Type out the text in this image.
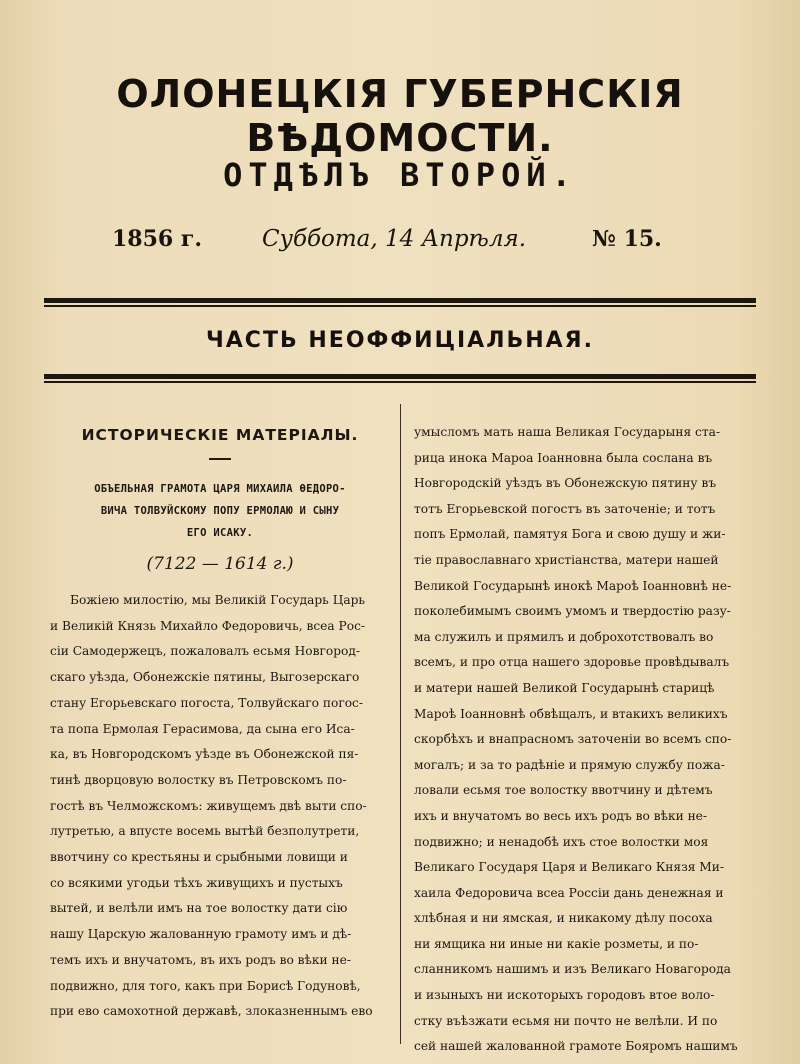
ОЛОНЕЦКІЯ ГУБЕРНСКІЯ ВѢДОМОСТИ.
ОТДѢЛЪ ВТОРОЙ.
1856 г.	Суббота, 14 Апрѣля.	№ 15.
ЧАСТЬ НЕОФФИЦІАЛЬНАЯ.
ИСТОРИЧЕСКІЕ МАТЕРІАЛЫ.
ОБЪЕЛЬНАЯ ГРАМОТА ЦАРЯ МИХАИЛА ӨЕДОРО-
ВИЧА ТОЛВУЙСКОМУ ПОПУ ЕРМОЛАЮ И СЫНУ
ЕГО ИСАКУ.
(7122 — 1614 г.)

Божіею милостію, мы Великій Государь Царь

и Великій Князь Михайло Федоровичь, всеа Рос-

сіи Самодержецъ, пожаловалъ есьмя Новгород-

скаго уѣзда, Обонежскіе пятины, Выгозерскаго

стану Егорьевскаго погоста, Толвуйскаго погос-

та попа Ермолая Герасимова, да сына его Иса-

ка, въ Новгородскомъ уѣзде въ Обонежской пя-

тинѣ дворцовую волостку въ Петровскомъ по-

гостѣ въ Челможскомъ: живущемъ двѣ выти спо-

лутретью, а впусте восемь вытѣй безполутрети,

ввотчину со крестьяны и срыбными ловищи и

со всякими угодьи тѣхъ живущихъ и пустыхъ

вытей, и велѣли имъ на тое волостку дати сію

нашу Царскую жалованную грамоту имъ и дѣ-

темъ ихъ и внучатомъ, въ ихъ родъ во вѣки не-

подвижно, для того, какъ при Борисѣ Годуновѣ,

при ево самохотной державѣ, злоказненнымъ ево

умысломъ мать наша Великая Государыня ста-

рица инока Мароа Іоанновна была сослана въ

Новгородскій уѣздъ въ Обонежскую пятину въ

тотъ Егорьевской погостъ въ заточеніе; и тотъ

попъ Ермолай, памятуя Бога и свою душу и жи-

тіе православнаго христіанства, матери нашей

Великой Государынѣ инокѣ Мароѣ Іоанновнѣ не-

поколебимымъ своимъ умомъ и твердостію разу-

ма служилъ и прямилъ и доброхотствовалъ во

всемъ, и про отца нашего здоровье провѣдывалъ

и матери нашей Великой Государынѣ старицѣ

Мароѣ Іоанновнѣ обвѣщалъ, и втакихъ великихъ

скорбѣхъ и внапрасномъ заточеніи во всемъ спо-

могалъ; и за то радѣніе и прямую службу пожа-

ловали есьмя тое волостку ввотчину и дѣтемъ

ихъ и внучатомъ во весь ихъ родъ во вѣки не-

подвижно; и ненадобѣ ихъ стое волостки моя

Великаго Государя Царя и Великаго Князя Ми-

хаила Федоровича всеа Россіи дань денежная и

хлѣбная и ни ямская, и никакому дѣлу посоха

ни ямщика ни иные ни какіе розметы, и по-

сланникомъ нашимъ и изъ Великаго Новагорода

и изыныхъ ни искоторыхъ городовъ втое воло-

стку въѣзжати есьмя ни почто не велѣли. И по

сей нашей жалованной грамоте Бояромъ нашимъ
